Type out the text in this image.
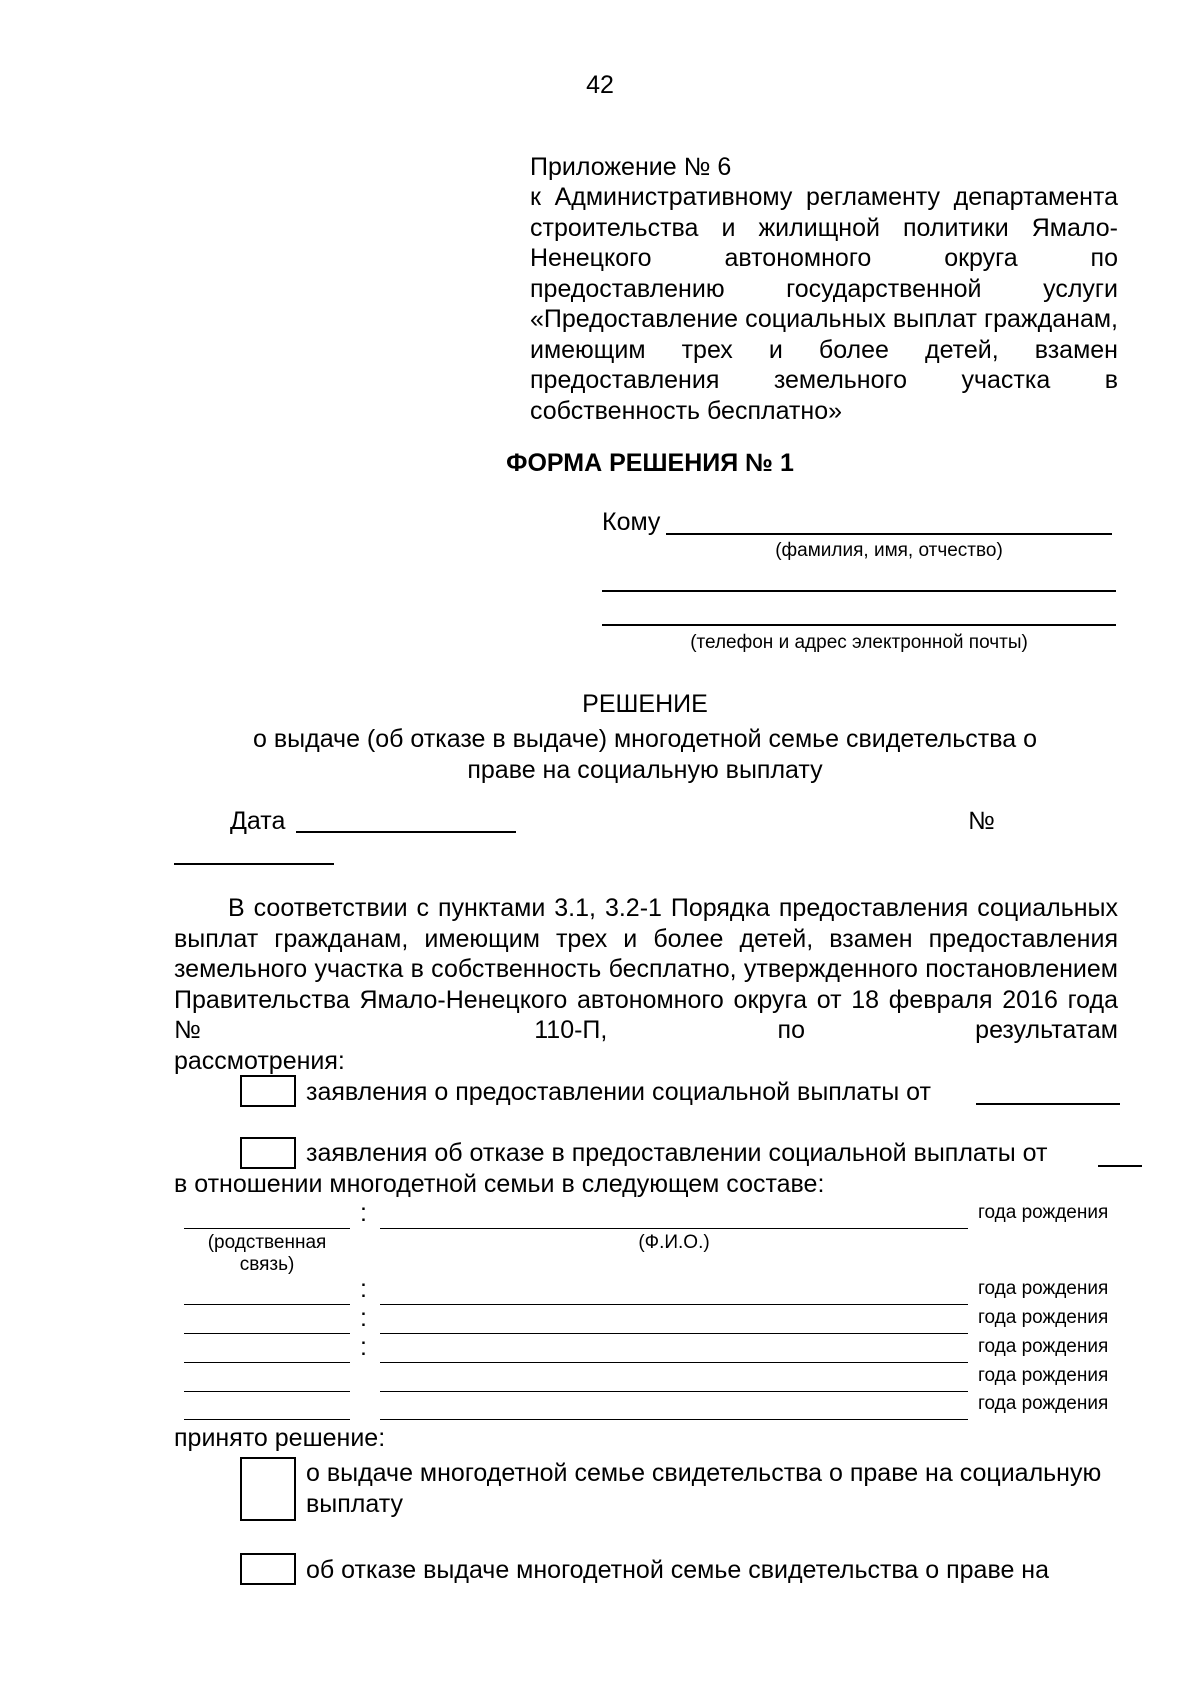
42
Приложение № 6
к Административному регламенту департамента строительства и жилищной политики Ямало-Ненецкого автономного округа по предоставлению государственной услуги «Предоставление социальных выплат гражданам, имеющим трех и более детей, взамен предоставления земельного участка в
собственность бесплатно»
ФОРМА РЕШЕНИЯ № 1
Кому
(фамилия, имя, отчество)
(телефон и адрес электронной почты)
РЕШЕНИЕ
о выдаче (об отказе в выдаче) многодетной семье свидетельства о
праве на социальную выплату
Дата	№
В соответствии с пунктами 3.1, 3.2-1 Порядка предоставления социальных выплат гражданам, имеющим трех и более детей, взамен предоставления земельного участка в собственность бесплатно, утвержденного постановлением Правительства Ямало-Ненецкого автономного округа от 18 февраля 2016 года № 110-П, по результатам
рассмотрения:
заявления о предоставлении социальной выплаты от
заявления об отказе в предоставлении социальной выплаты от
в отношении многодетной семьи в следующем составе:
:	года рождения
(родственная
связь)
(Ф.И.О.)
:	года рождения
:	года рождения
:	года рождения
года рождения
года рождения
принято решение:
о выдаче многодетной семье свидетельства о праве на социальную
выплату
об отказе выдаче многодетной семье свидетельства о праве на
